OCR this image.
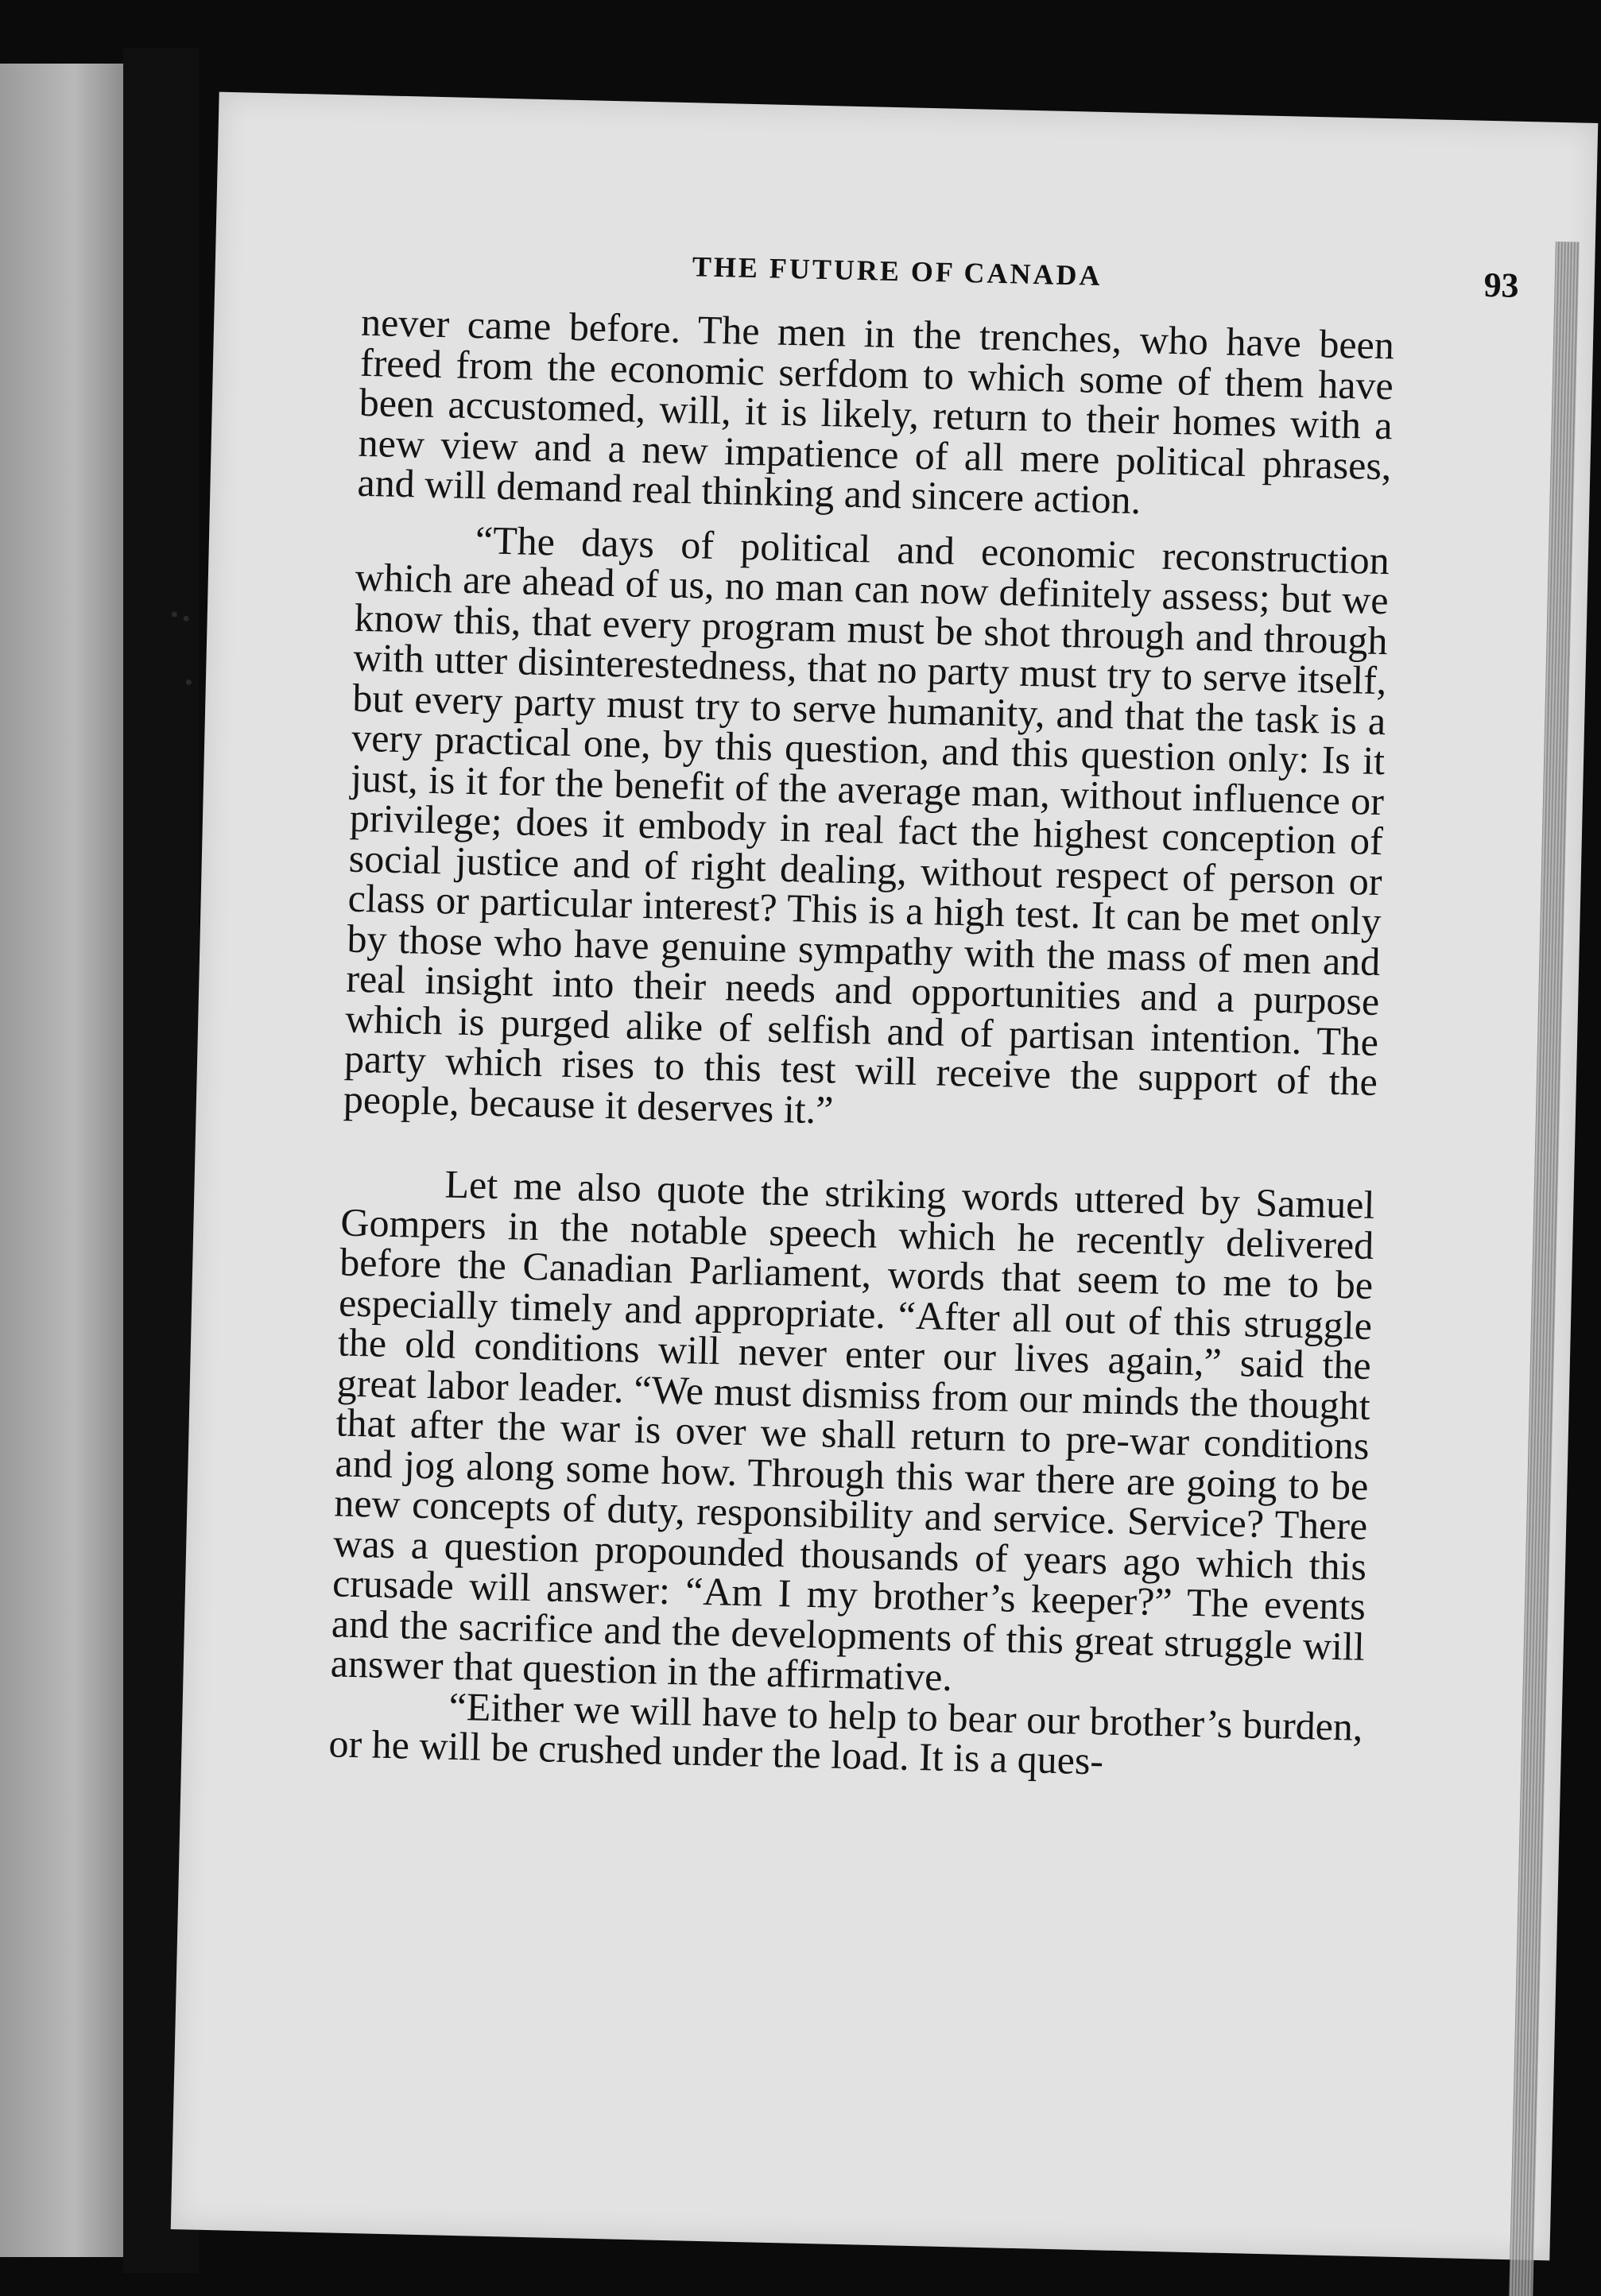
THE FUTURE OF CANADA	93

never came before. The men in the trenches, who have been freed from the economic serfdom to which some of them have been accustomed, will, it is likely, return to their homes with a new view and a new impatience of all mere political phrases, and will demand real thinking and sincere action.

“The days of political and economic reconstruction which are ahead of us, no man can now definitely assess; but we know this, that every program must be shot through and through with utter disinterestedness, that no party must try to serve itself, but every party must try to serve humanity, and that the task is a very practical one, by this question, and this question only: Is it just, is it for the benefit of the average man, without influence or privilege; does it embody in real fact the highest conception of social justice and of right dealing, without respect of person or class or particular interest? This is a high test. It can be met only by those who have genuine sympathy with the mass of men and real insight into their needs and opportunities and a purpose which is purged alike of selfish and of partisan intention. The party which rises to this test will receive the support of the people, because it deserves it.”

Let me also quote the striking words uttered by Samuel Gompers in the notable speech which he recently delivered before the Canadian Parliament, words that seem to me to be especially timely and appropriate. “After all out of this struggle the old conditions will never enter our lives again,” said the great labor leader. “We must dismiss from our minds the thought that after the war is over we shall return to pre-war conditions and jog along some how. Through this war there are going to be new concepts of duty, responsibility and service. Service? There was a question propounded thousands of years ago which this crusade will answer: “Am I my brother’s keeper?” The events and the sacrifice and the developments of this great struggle will answer that question in the affirmative.

“Either we will have to help to bear our brother’s burden, or he will be crushed under the load. It is a ques-
